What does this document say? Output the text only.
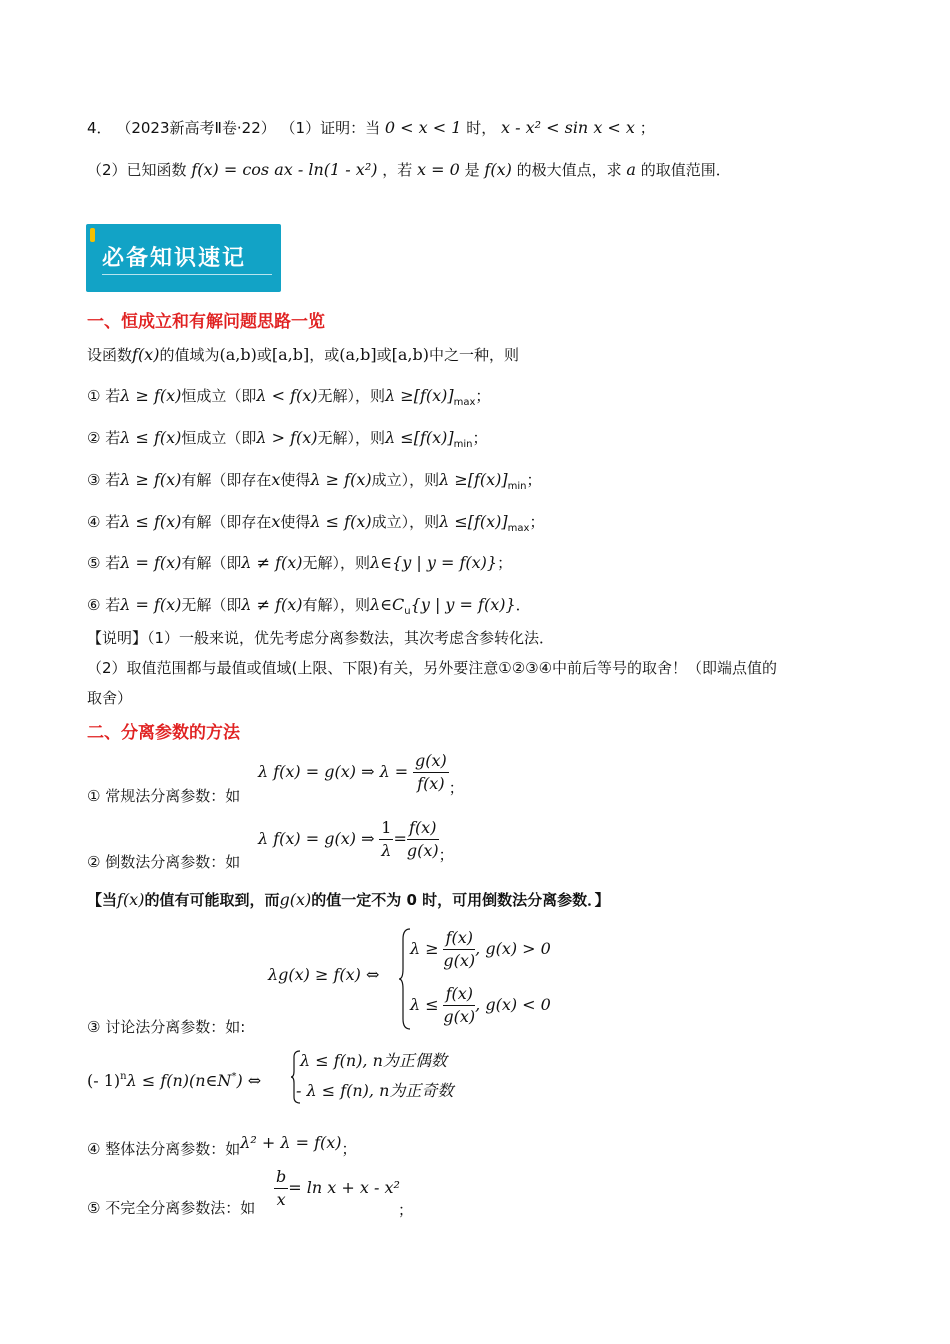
4． （2023新高考Ⅱ卷·22） （1）证明：当 0 < x < 1 时， x - x² < sin x < x ；
（2）已知函数 f(x) = cos ax - ln(1 - x²) ，若 x = 0 是 f(x) 的极大值点，求 a 的取值范围．
必备知识速记
一、恒成立和有解问题思路一览
设函数f(x)的值域为(a,b)或[a,b]，或(a,b]或[a,b)中之一种，则
① 若λ ≥ f(x)恒成立（即λ < f(x)无解），则$\lambda \ge[f(x)]_{max}$；
② 若λ ≤ f(x)恒成立（即λ > f(x)无解），则$\lambda \le[f(x)]_{min}$；
③ 若λ ≥ f(x)有解（即存在x使得λ ≥ f(x)成立），则$\lambda \ge[f(x)]_{min}$；
④ 若λ ≤ f(x)有解（即存在x使得λ ≤ f(x)成立），则$\lambda \le[f(x)]_{max}$；
⑤ 若λ = f(x)有解（即λ ≠ f(x)无解），则λ∈{y | y = f(x)}；
⑥ 若λ = f(x)无解（即λ ≠ f(x)有解），则$\lambda\in C_u\{y$ | y = f(x)}．
【说明】（1）一般来说，优先考虑分离参数法，其次考虑含参转化法．
（2）取值范围都与最值或值域(上限、下限)有关，另外要注意①②③④中前后等号的取舍！（即端点值的
取舍）
二、分离参数的方法
λ f(x) = g(x) ⇒ $\lambda = \frac{g(x)}{f(x)}$ ；
① 常规法分离参数：如
λ f(x) = g(x) ⇒ $\frac{1}{\lambda} = \frac{f(x)}{g(x)}$ ；
② 倒数法分离参数：如
【当f(x)的值有可能取到，而g(x)的值一定不为 0 时，可用倒数法分离参数．】
λg(x) ≥ f(x) ⇔
$\lambda \ge \frac{f(x)}{g(x)}$ , g(x) > 0
$\lambda \le \frac{f(x)}{g(x)}$ , g(x) < 0
③ 讨论法分离参数：如:
(- 1)$^n$λ ≤ f(n)(n∈N*) ⇔
λ ≤ f(n), n为正偶数
- λ ≤ f(n), n为正奇数
④ 整体法分离参数：如λ² + λ = f(x)；
$\frac{b}{x} = \ln x + x - x^2$
⑤ 不完全分离参数法：如	；
